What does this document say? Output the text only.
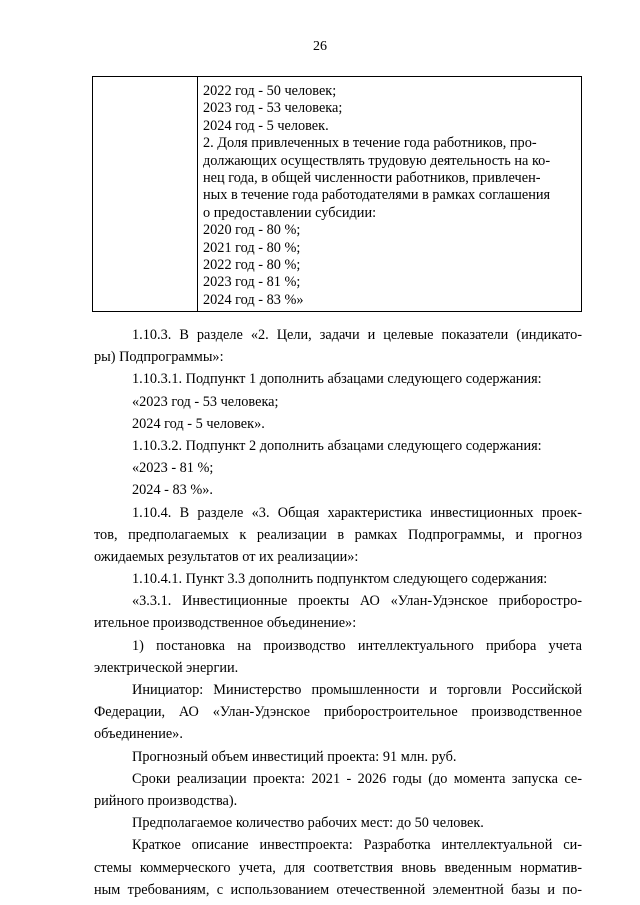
26
2022 год - 50 человек;
2023 год - 53 человека;
2024 год - 5 человек.
2. Доля привлеченных в течение года работников, про-
должающих осуществлять трудовую деятельность на ко-
нец года, в общей численности работников, привлечен-
ных в течение года работодателями в рамках соглашения
о предоставлении субсидии:
2020 год - 80 %;
2021 год - 80 %;
2022 год - 80 %;
2023 год - 81 %;
2024 год - 83 %»
1.10.3. В разделе «2. Цели, задачи и целевые показатели (индикато-
ры) Подпрограммы»:
1.10.3.1. Подпункт 1 дополнить абзацами следующего содержания:
«2023 год - 53 человека;
2024 год - 5 человек».
1.10.3.2. Подпункт 2 дополнить абзацами следующего содержания:
«2023 - 81 %;
2024 - 83 %».
1.10.4. В разделе «3. Общая характеристика инвестиционных проек-
тов, предполагаемых к реализации в рамках Подпрограммы, и прогноз
ожидаемых результатов от их реализации»:
1.10.4.1. Пункт 3.3 дополнить подпунктом следующего содержания:
«3.3.1. Инвестиционные проекты АО «Улан-Удэнское приборостро-
ительное производственное объединение»:
1) постановка на производство интеллектуального прибора учета
электрической энергии.
Инициатор: Министерство промышленности и торговли Российской
Федерации, АО «Улан-Удэнское приборостроительное производственное
объединение».
Прогнозный объем инвестиций проекта: 91 млн. руб.
Сроки реализации проекта: 2021 - 2026 годы (до момента запуска се-
рийного производства).
Предполагаемое количество рабочих мест: до 50 человек.
Краткое описание инвестпроекта: Разработка интеллектуальной си-
стемы коммерческого учета, для соответствия вновь введенным норматив-
ным требованиям, с использованием отечественной элементной базы и по-
